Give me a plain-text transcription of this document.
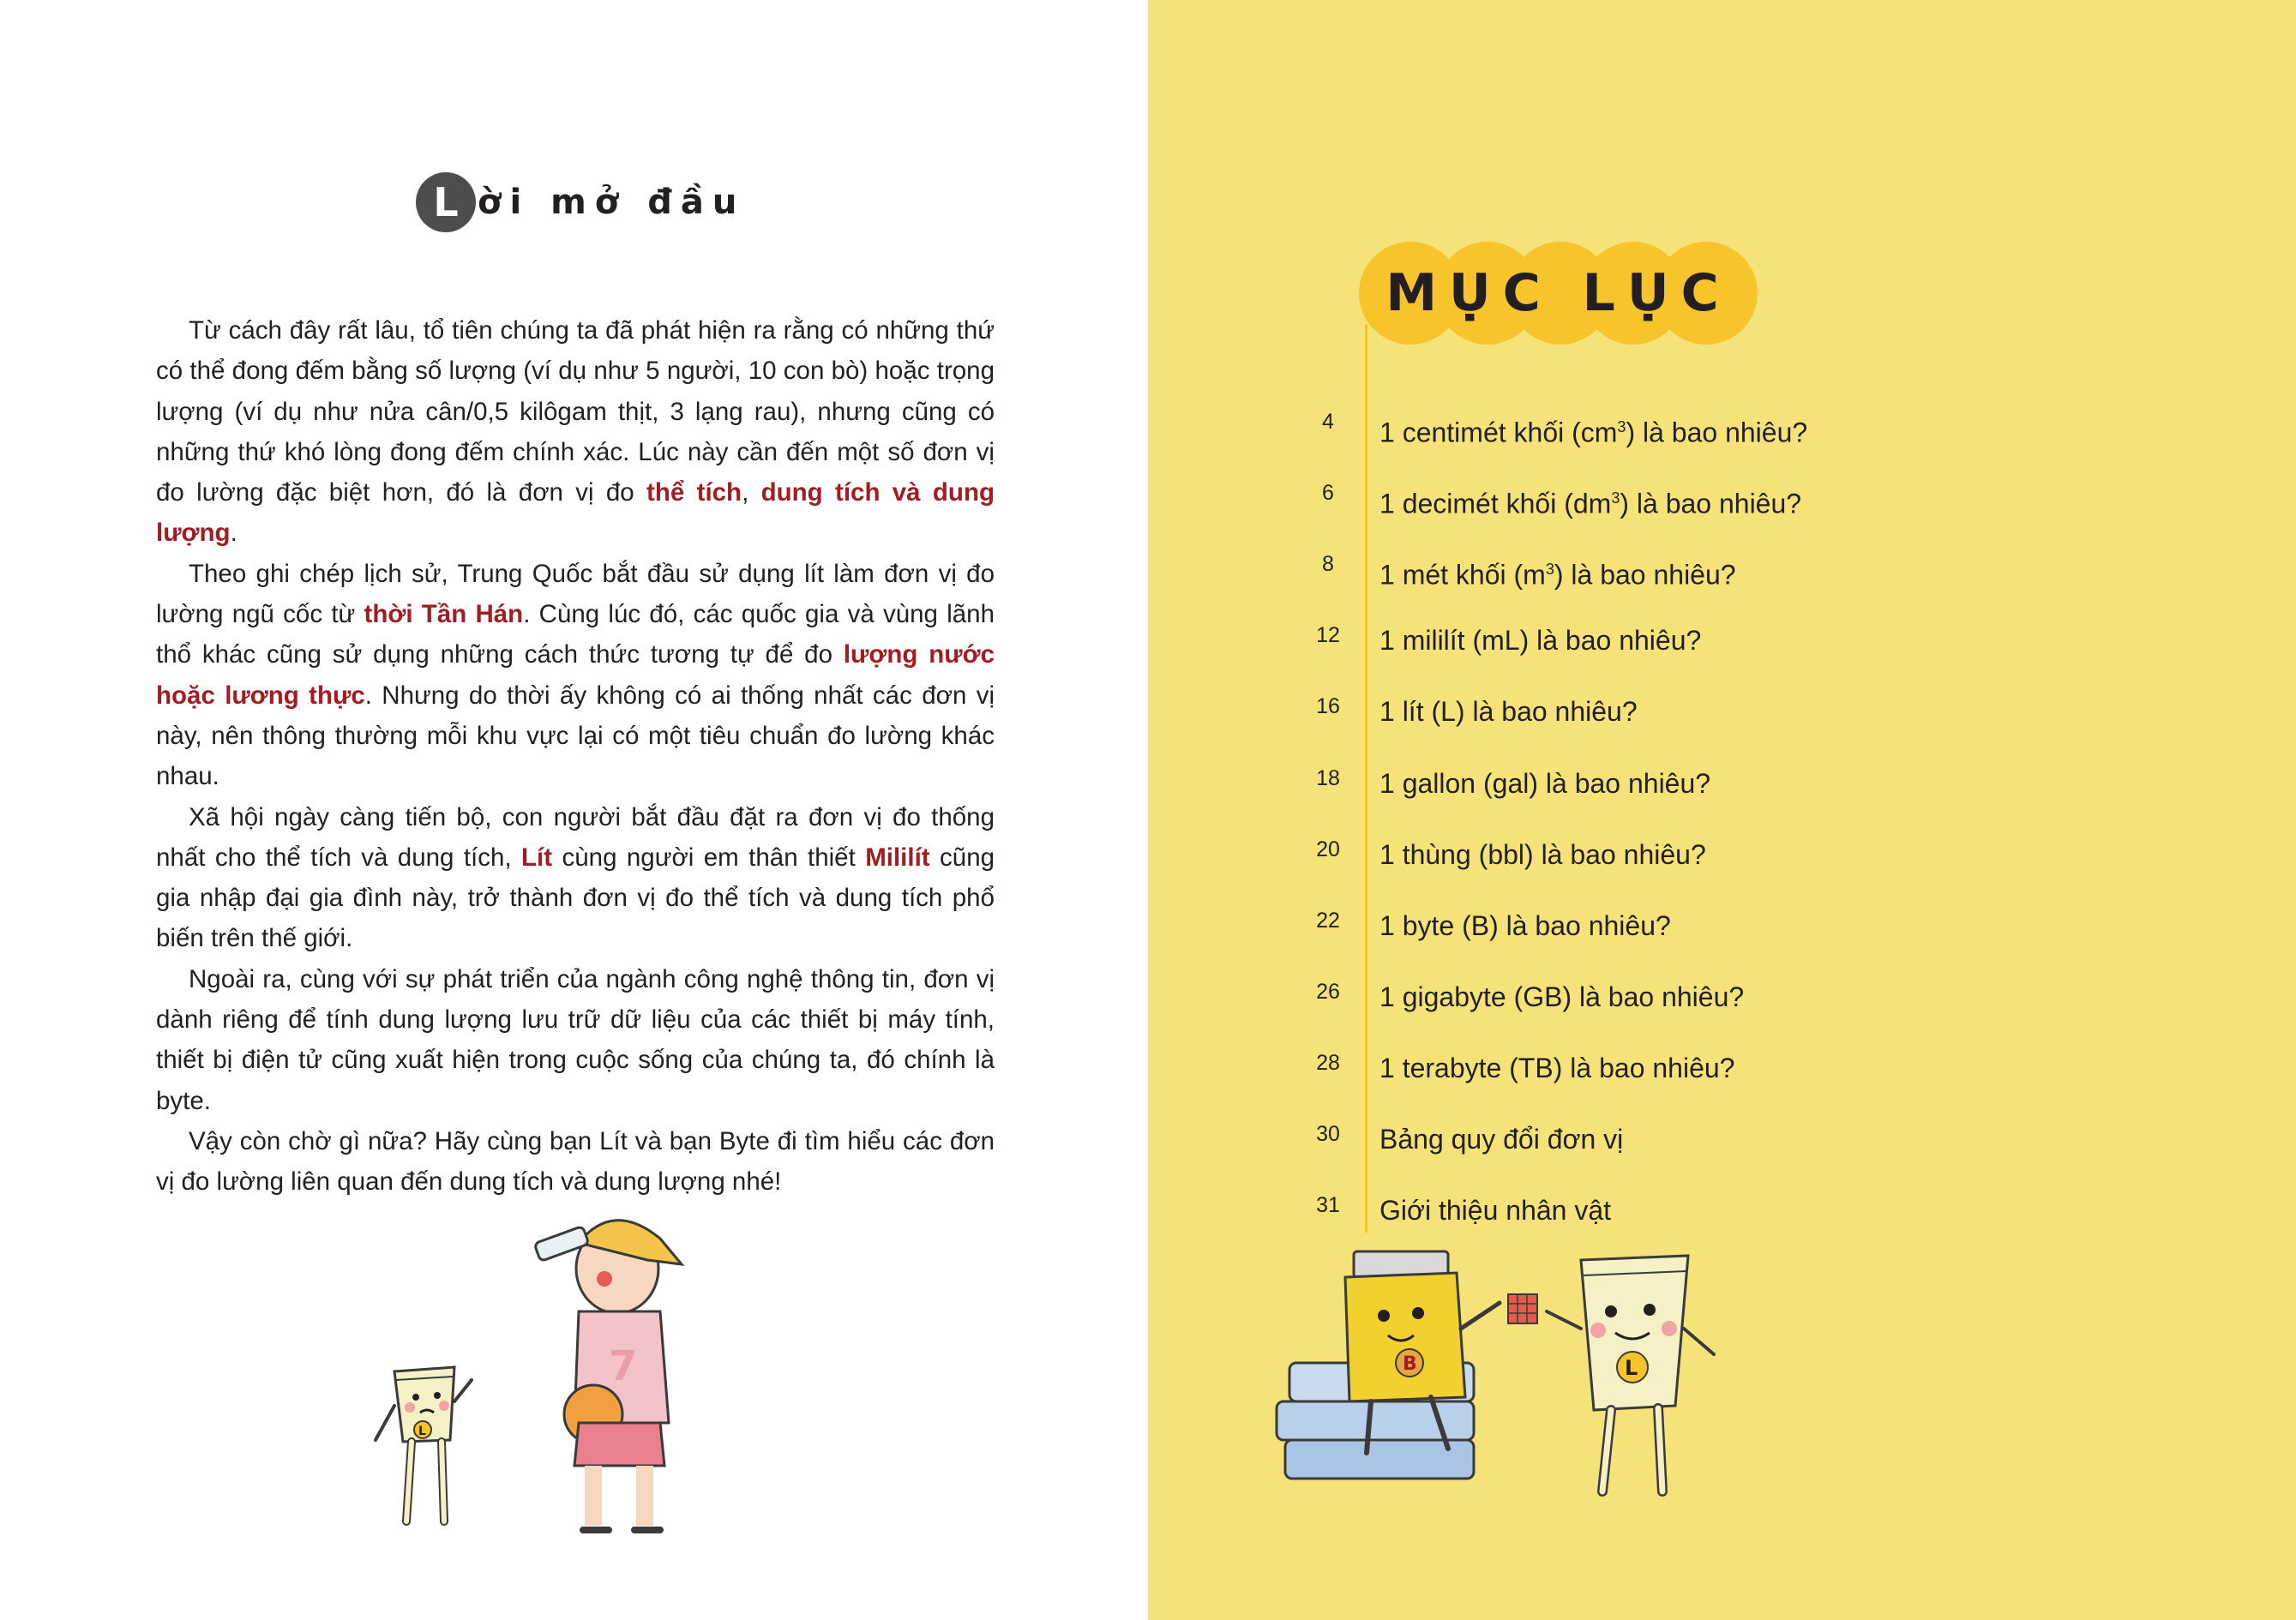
L ời mở đầu

Từ cách đây rất lâu, tổ tiên chúng ta đã phát hiện ra rằng có những thứ có thể đong đếm bằng số lượng (ví dụ như 5 người, 10 con bò) hoặc trọng lượng (ví dụ như nửa cân/0,5 kilôgam thịt, 3 lạng rau), nhưng cũng có những thứ khó lòng đong đếm chính xác. Lúc này cần đến một số đơn vị đo lường đặc biệt hơn, đó là đơn vị đo thể tích, dung tích và dung lượng.

Theo ghi chép lịch sử, Trung Quốc bắt đầu sử dụng lít làm đơn vị đo lường ngũ cốc từ thời Tần Hán. Cùng lúc đó, các quốc gia và vùng lãnh thổ khác cũng sử dụng những cách thức tương tự để đo lượng nước hoặc lương thực. Nhưng do thời ấy không có ai thống nhất các đơn vị này, nên thông thường mỗi khu vực lại có một tiêu chuẩn đo lường khác nhau.

Xã hội ngày càng tiến bộ, con người bắt đầu đặt ra đơn vị đo thống nhất cho thể tích và dung tích, Lít cùng người em thân thiết Mililít cũng gia nhập đại gia đình này, trở thành đơn vị đo thể tích và dung tích phổ biến trên thế giới.

Ngoài ra, cùng với sự phát triển của ngành công nghệ thông tin, đơn vị dành riêng để tính dung lượng lưu trữ dữ liệu của các thiết bị máy tính, thiết bị điện tử cũng xuất hiện trong cuộc sống của chúng ta, đó chính là byte.

Vậy còn chờ gì nữa? Hãy cùng bạn Lít và bạn Byte đi tìm hiểu các đơn vị đo lường liên quan đến dung tích và dung lượng nhé!

L
7
MỤC LỤC
4	1 centimét khối $(cm^3)$ là bao nhiêu?
6	1 decimét khối $(dm^3)$ là bao nhiêu?
8	1 mét khối $(m^3)$ là bao nhiêu?
12	1 mililít (mL) là bao nhiêu?
16	1 lít (L) là bao nhiêu?
18	1 gallon (gal) là bao nhiêu?
20	1 thùng (bbl) là bao nhiêu?
22	1 byte (B) là bao nhiêu?
26	1 gigabyte (GB) là bao nhiêu?
28	1 terabyte (TB) là bao nhiêu?
30	Bảng quy đổi đơn vị
31	Giới thiệu nhân vật
B	L
